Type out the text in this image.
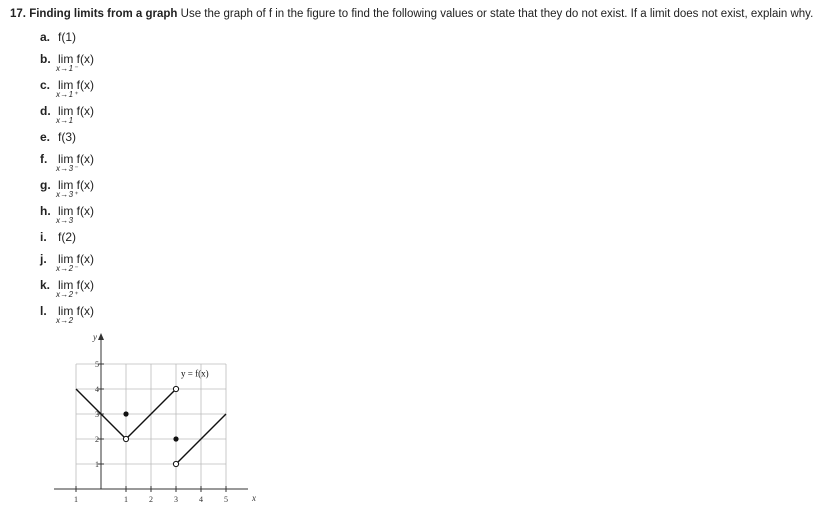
17. Finding limits from a graph Use the graph of f in the figure to find the following values or state that they do not exist. If a limit does not exist, explain why.
a. f(1)
b. lim
x→1⁻
f(x)
c. lim
x→1⁺
f(x)
d. lim
x→1
f(x)
e. f(3)
f. lim
x→3⁻
f(x)
g. lim
x→3⁺
f(x)
h. lim
x→3
f(x)
i. f(2)
j. lim
x→2⁻
f(x)
k. lim
x→2⁺
f(x)
l. lim
x→2
f(x)
1	1	2	3	4	5
5
4
3
2
1
y
x
y = f(x)
